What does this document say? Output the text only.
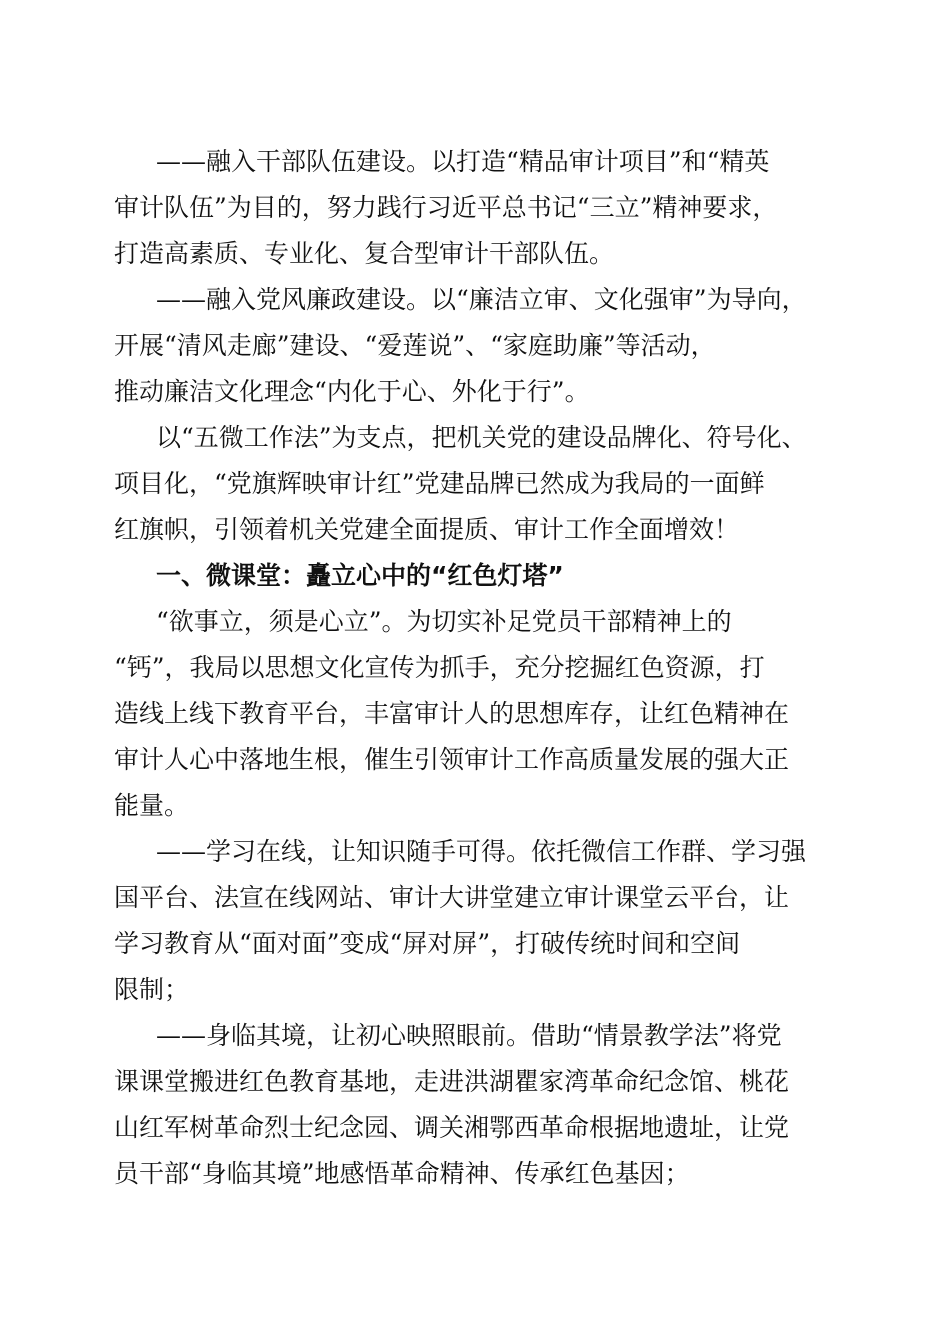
——融入干部队伍建设。以打造“精品审计项目”和“精英
审计队伍”为目的，努力践行习近平总书记“三立”精神要求，
打造高素质、专业化、复合型审计干部队伍。
——融入党风廉政建设。以“廉洁立审、文化强审”为导向，
开展“清风走廊”建设、“爱莲说”、“家庭助廉”等活动，
推动廉洁文化理念“内化于心、外化于行”。
以“五微工作法”为支点，把机关党的建设品牌化、符号化、
项目化，“党旗辉映审计红”党建品牌已然成为我局的一面鲜
红旗帜，引领着机关党建全面提质、审计工作全面增效！
一、微课堂：矗立心中的“红色灯塔”
“欲事立，须是心立”。为切实补足党员干部精神上的
“钙”，我局以思想文化宣传为抓手，充分挖掘红色资源，打
造线上线下教育平台，丰富审计人的思想库存，让红色精神在
审计人心中落地生根，催生引领审计工作高质量发展的强大正
能量。
——学习在线，让知识随手可得。依托微信工作群、学习强
国平台、法宣在线网站、审计大讲堂建立审计课堂云平台，让
学习教育从“面对面”变成“屏对屏”，打破传统时间和空间
限制；
——身临其境，让初心映照眼前。借助“情景教学法”将党
课课堂搬进红色教育基地，走进洪湖瞿家湾革命纪念馆、桃花
山红军树革命烈士纪念园、调关湘鄂西革命根据地遗址，让党
员干部“身临其境”地感悟革命精神、传承红色基因；
